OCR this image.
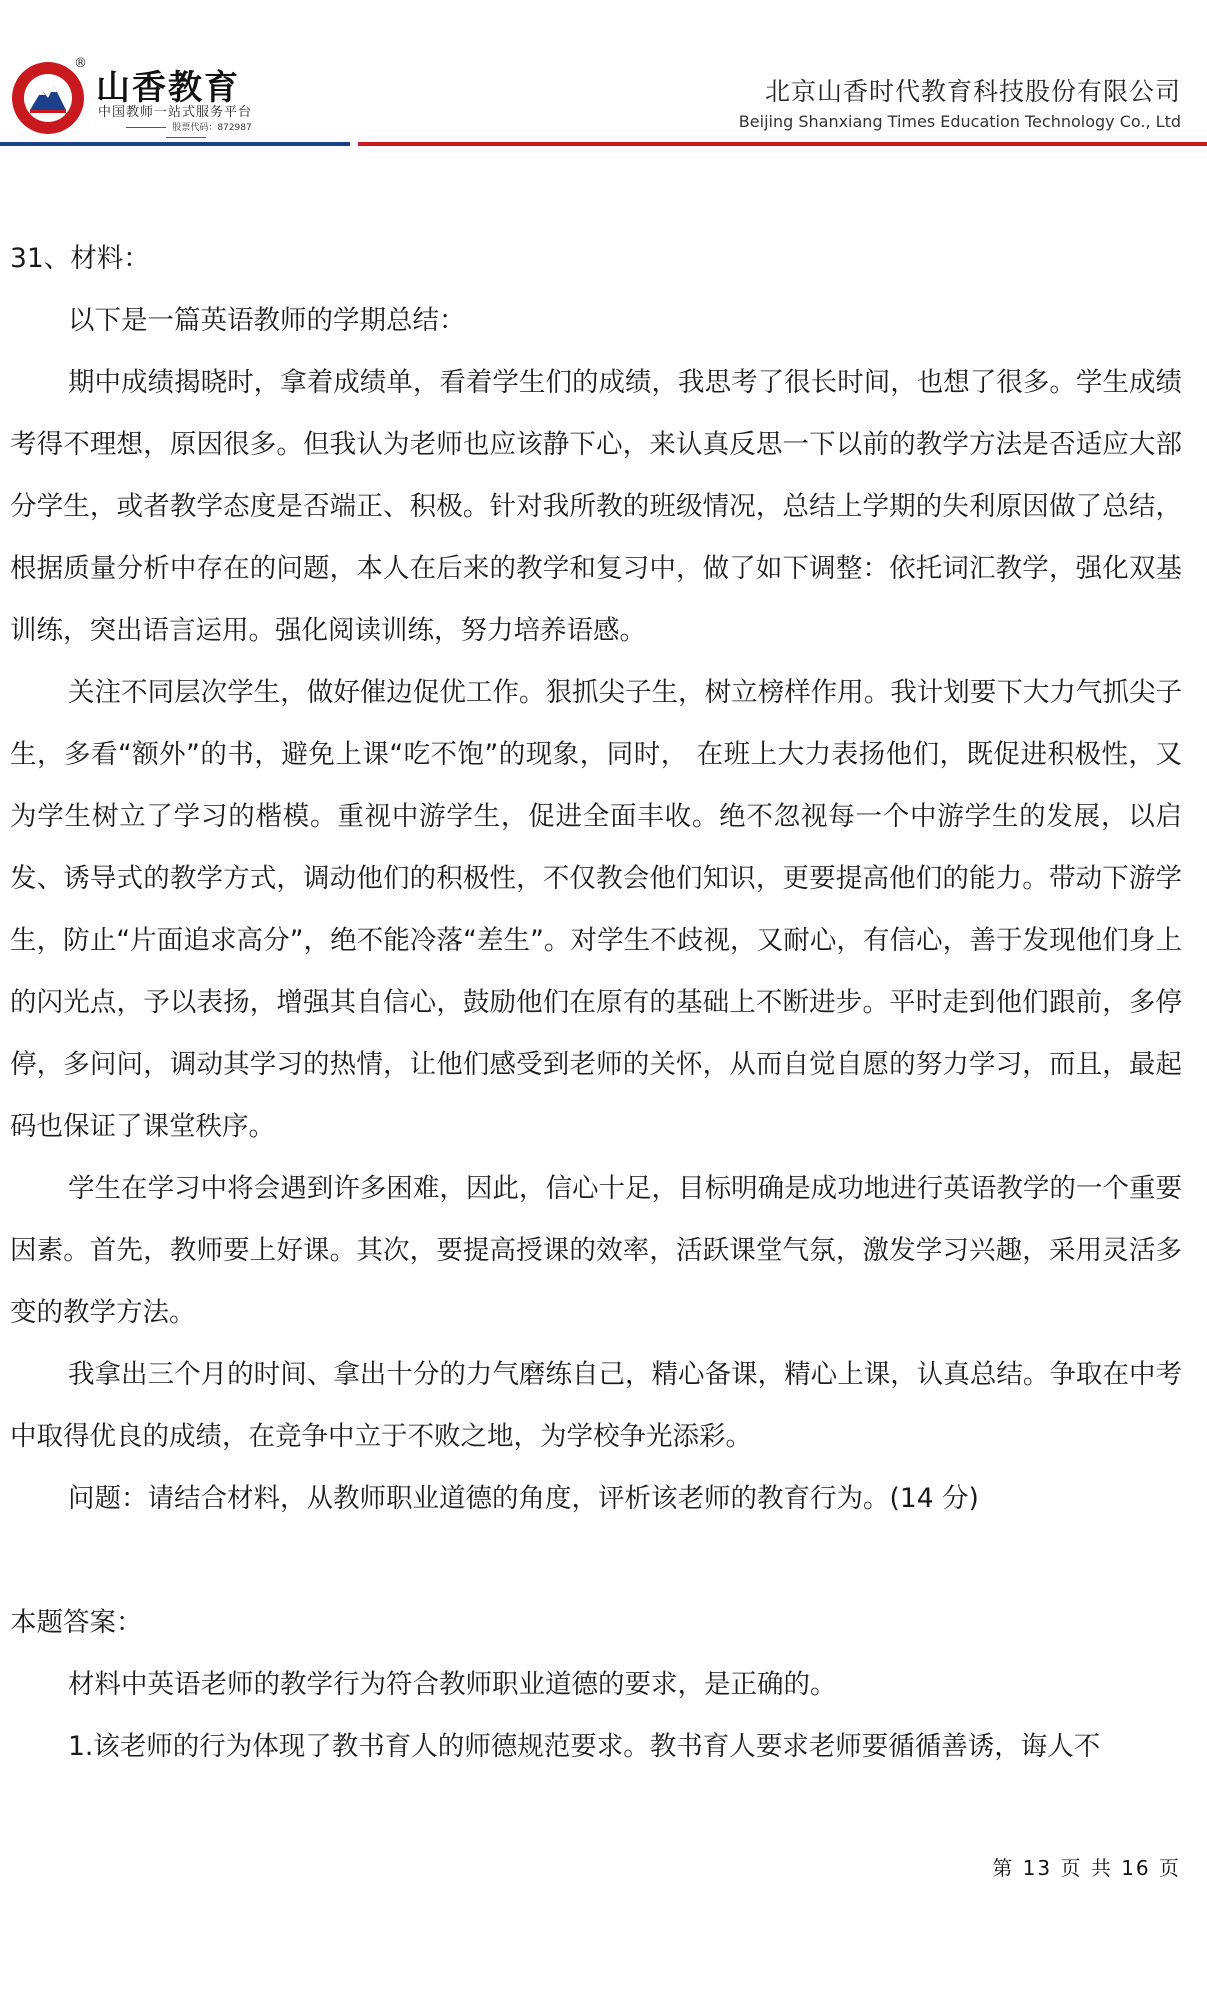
®
山香教育
中国教师一站式服务平台
股票代码：872987
北京山香时代教育科技股份有限公司
Beijing Shanxiang Times Education Technology Co., Ltd

31、材料：

以下是一篇英语教师的学期总结：

期中成绩揭晓时，拿着成绩单，看着学生们的成绩，我思考了很长时间，也想了很多。学生成绩考得不理想，原因很多。但我认为老师也应该静下心，来认真反思一下以前的教学方法是否适应大部分学生，或者教学态度是否端正、积极。针对我所教的班级情况，总结上学期的失利原因做了总结，根据质量分析中存在的问题，本人在后来的教学和复习中，做了如下调整：依托词汇教学，强化双基训练，突出语言运用。强化阅读训练，努力培养语感。

关注不同层次学生，做好催边促优工作。狠抓尖子生，树立榜样作用。我计划要下大力气抓尖子生，多看“额外”的书，避免上课“吃不饱”的现象，同时， 在班上大力表扬他们，既促进积极性，又为学生树立了学习的楷模。重视中游学生，促进全面丰收。绝不忽视每一个中游学生的发展，以启发、诱导式的教学方式，调动他们的积极性，不仅教会他们知识，更要提高他们的能力。带动下游学生，防止“片面追求高分”，绝不能冷落“差生”。对学生不歧视，又耐心，有信心，善于发现他们身上的闪光点，予以表扬，增强其自信心，鼓励他们在原有的基础上不断进步。平时走到他们跟前，多停停，多问问，调动其学习的热情，让他们感受到老师的关怀，从而自觉自愿的努力学习，而且，最起码也保证了课堂秩序。

学生在学习中将会遇到许多困难，因此，信心十足，目标明确是成功地进行英语教学的一个重要因素。首先，教师要上好课。其次，要提高授课的效率，活跃课堂气氛，激发学习兴趣，采用灵活多变的教学方法。

我拿出三个月的时间、拿出十分的力气磨练自己，精心备课，精心上课，认真总结。争取在中考中取得优良的成绩，在竞争中立于不败之地，为学校争光添彩。

问题：请结合材料，从教师职业道德的角度，评析该老师的教育行为。(14 分)

本题答案：

材料中英语老师的教学行为符合教师职业道德的要求，是正确的。

1.该老师的行为体现了教书育人的师德规范要求。教书育人要求老师要循循善诱，诲人不

第 13 页 共 16 页
